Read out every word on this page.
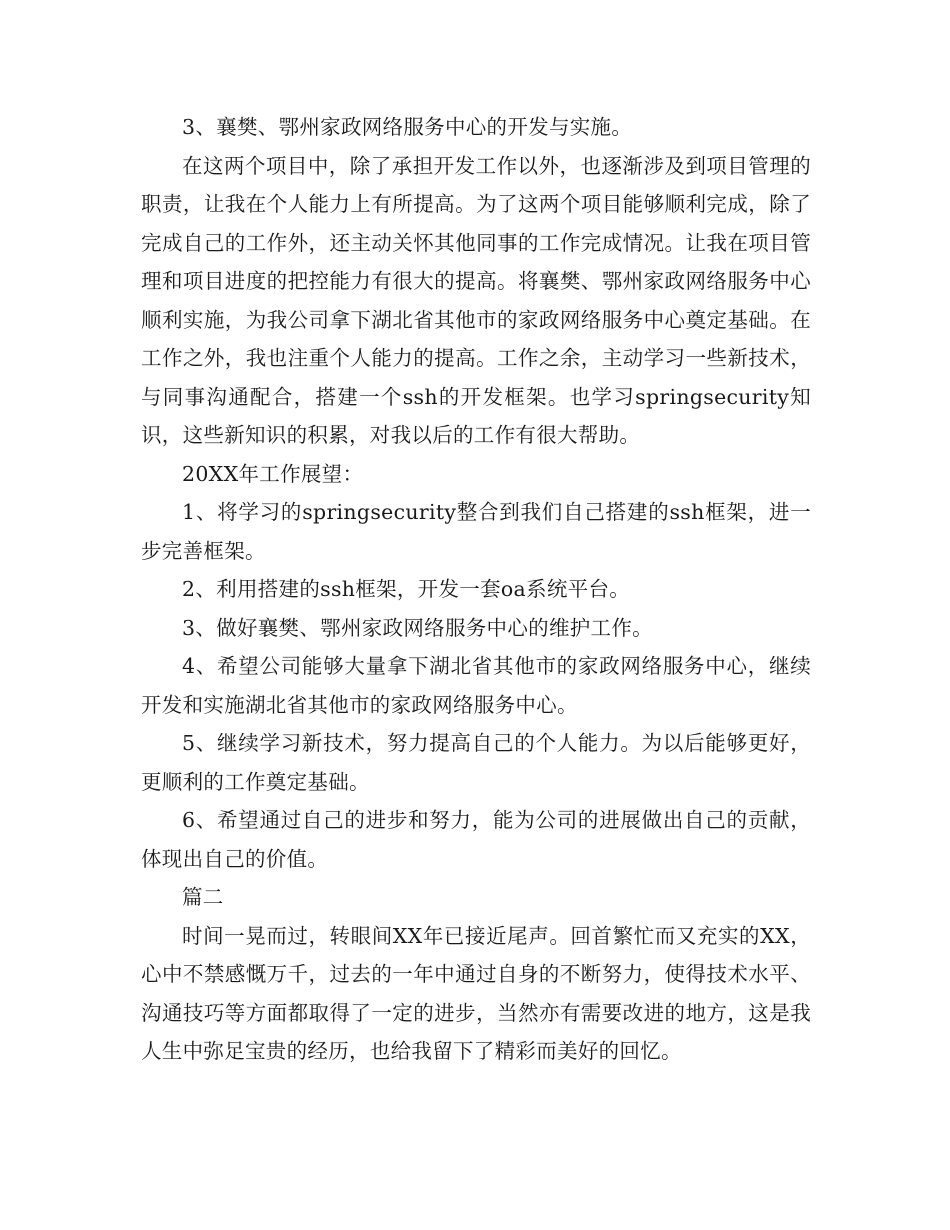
3、襄樊、鄂州家政网络服务中心的开发与实施。

在这两个项目中，除了承担开发工作以外，也逐渐涉及到项目管理的职责，让我在个人能力上有所提高。为了这两个项目能够顺利完成，除了完成自己的工作外，还主动关怀其他同事的工作完成情况。让我在项目管理和项目进度的把控能力有很大的提高。将襄樊、鄂州家政网络服务中心顺利实施，为我公司拿下湖北省其他市的家政网络服务中心奠定基础。在工作之外，我也注重个人能力的提高。工作之余，主动学习一些新技术，与同事沟通配合，搭建一个ssh的开发框架。也学习springsecurity知识，这些新知识的积累，对我以后的工作有很大帮助。

20XX年工作展望：

1、将学习的springsecurity整合到我们自己搭建的ssh框架，进一步完善框架。

2、利用搭建的ssh框架，开发一套oa系统平台。

3、做好襄樊、鄂州家政网络服务中心的维护工作。

4、希望公司能够大量拿下湖北省其他市的家政网络服务中心，继续开发和实施湖北省其他市的家政网络服务中心。

5、继续学习新技术，努力提高自己的个人能力。为以后能够更好，更顺利的工作奠定基础。

6、希望通过自己的进步和努力，能为公司的进展做出自己的贡献，体现出自己的价值。

篇二

时间一晃而过，转眼间XX年已接近尾声。回首繁忙而又充实的XX，心中不禁感慨万千，过去的一年中通过自身的不断努力，使得技术水平、沟通技巧等方面都取得了一定的进步，当然亦有需要改进的地方，这是我人生中弥足宝贵的经历，也给我留下了精彩而美好的回忆。
